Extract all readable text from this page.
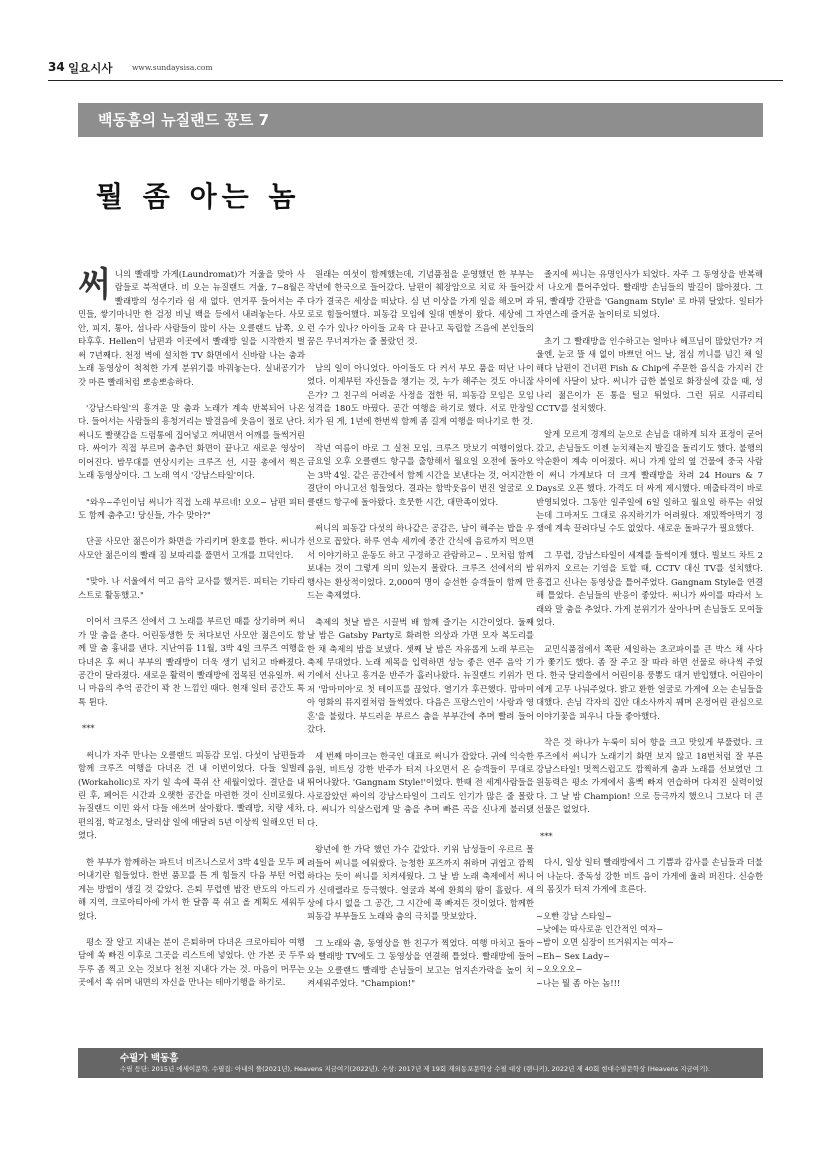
34 일요시사	www.sundaysisa.com
백동흠의 뉴질랜드 꽁트 7
뭘 좀 아는 놈

써니의 빨래방 가게(Laundromat)가 거울을 맞아 사람들로 북적댄다. 비 오는 뉴질랜드 겨울, 7~8월은 빨래방의 성수기라 쉼 새 없다. 연거푸 들어서는 주민들, 쌓기마니만 한 검정 비닐 백을 등에서 내려놓는다. 사모안, 피지, 통아, 섬나라 사람들이 많이 사는 오클랜드 남쪽, 오타후후. Hellen이 남편과 이곳에서 빨래방 일을 시작한지 벌써 7년째다. 천정 벽에 설치한 TV 화면에서 신바람 나는 춤과 노래 동영상이 척척한 가게 분위기를 바꿔놓는다. 실내공기가 갓 마른 빨래처럼 뽀송뽀송하다.

'강남스타일'의 흥겨운 말 춤과 노래가 계속 반복되어 나온다. 들어서는 사람들의 흥청거리는 발걸음에 웃음이 절로 난다. 써니도 빨랫감을 드럼통에 집어넣고 꺼내면서 어깨를 들썩거린다. 싸이가 직접 부르며 춤추던 화면이 끝나고 새로운 영상이 이어진다. 밤무대를 연상시키는 크루즈 선, 시끌 총에서 찍은 노래 동영상이다. 그 노래 역시 '강남스타일'이다.

"와우~주인이님 써니가 직접 노래 부르네! 오오~ 남편 피터도 함께 춤추고! 당신들, 가수 맞아?"

단골 사모안 젊은이가 화면을 가리키며 환호를 한다. 써니가 사모안 젊은이의 빨래 짐 보따리를 풀면서 고개를 끄덕인다.

"맞아. 나 서울에서 여고 음악 교사를 했거든. 피터는 기타리스트로 활동했고."

이어서 크루즈 선에서 그 노래를 부르던 때를 상기하며 써니가 말 춤을 춘다. 어린동생한 듯 쳐다보던 사모안 젊은이도 함께 말 춤 흉내를 낸다. 지난여름 11월, 3박 4일 크루즈 여행을 다녀온 후 써니 부부의 빨래방이 더욱 생기 넘치고 바빠졌다. 공간이 달라졌다. 새로운 활력이 빨래방에 접목된 연유일까. 써니 마음의 추억 공간이 꽉 찬 느낌인 때다. 현재 일터 공간도 톡톡 튄다.

***

써니가 자주 만나는 오클랜드 피동감 모임. 다섯이 남편들과 함께 크루즈 여행을 다녀온 건 내 이번이었다. 다들 일벌레(Workaholic)로 자기 일 속에 푹쉬 산 세월이었다. 결단을 내린 후, 페어든 시간과 오랫한 공간을 마련한 것이 신비로웠다. 뉴질랜드 이민 와서 다들 애쓰며 살아왔다. 빨래방, 치량 세차, 편의점, 학교청소, 달러샵 일에 매달려 5년 이상씩 일해오던 터였다.

한 부부가 함께하는 파트너 비즈니스로서 3박 4일을 모두 페어내기란 힘들었다. 한번 품꼬를 튼 게 힘들지 다음 부턴 어렵게는 방법이 생길 것 같았다. 은퇴 무렵엔 밤잔 반도의 아드리해 지역, 크로아티아에 가서 한 달쯤 푹 쉬고 올 계획도 세워두었다.

평소 잘 알고 지내는 분이 은퇴하며 다녀온 크로아티아 여행담에 쏙 빠진 이후로 그곳을 리스트에 넣었다. 안 가본 곳 두루두루 좀 찍고 오는 것보다 천천 지내다 가는 것. 마음이 머무는 곳에서 쏙 쉬며 내면의 자신을 만나는 테마기행을 하기로.

원래는 여섯이 함께했는데, 기념품점을 운영했던 한 부부는 작년에 한국으로 들어갔다. 남편이 췌장암으로 치료 차 들어갔다가 결국은 세상을 떠났다. 심 년 이상을 가게 일을 해오며 과로로 힘들어했다. 피동감 모임에 일대 멘붕이 왔다. 세상에 그런 수가 있나? 아이들 교육 다 끝나고 독립할 즈음에 본인들의 꿈은 무너져가는 줄 몰랐던 것.

남의 일이 아니었다. 아이들도 다 커서 부모 품을 떠난 나이였다. 이제부턴 자신들을 챙기는 것, 누가 해주는 것도 아니잖은가? 그 친구의 어려운 사정을 접한 뒤, 피동감 모임은 모임 성격을 180도 바꿨다. 공간 여행을 하기로 했다. 서로 만장일치가 된 게, 1년에 한번씩 함께 좀 길게 여행을 떠나기로 한 것.

작년 여름이 바로 그 실천 모임, 크루즈 맛보기 여행이었다. 금요일 오후 오클랜드 항구를 출항해서 월요일 오전에 돌아오는 3박 4일. 같은 공간에서 함께 시간을 보낸다는 것, 어지간한 결단이 아니고선 힘들었다. 결과는 함박웃음이 번진 얼굴로 오클랜드 항구에 돌아왔다. 흐뭇한 시간, 대만족이었다.

써니의 피동감 다섯의 하나같은 공감은, 남이 해주는 밥을 우선으로 꼽았다. 하루 연속 세끼에 중간 간식에 음료까지 먹으면서 이야기하고 운동도 하고 구경하고 관람하고~ . 모처럼 함께 보내는 것이 그렇게 의미 있는지 몰랐다. 크루즈 선에서의 밤 행사는 환상적이었다. 2,000여 명이 승선한 승객들이 함께 만드는 축제였다.

축제의 첫날 밤은 시끌벅 배 함께 즐기는 시간이었다. 둘째 날 밤은 Gatsby Party로 화려한 의상과 가면 모자 복도리를 한 채 축제의 밤을 보냈다. 셋째 날 밤은 자유롭게 노래 부르는 축제 무대였다. 노래 제목을 입력하면 성능 좋은 연주 음악 기기에서 신나고 흥겨운 반주가 흘러나왔다. 뉴질랜드 키위가 먼저 '맘마미아'로 첫 테이프를 끊었다. 열기가 후끈했다. 맘마미아 영화의 뮤지컬처럼 들썩였다. 다음은 프랑스인이 '사랑과 영혼'을 불렀다. 부드러운 부르스 춤을 부부간에 추며 빨려 들어갔다.

세 번째 마이크는 한국인 대표로 써니가 잡았다. 귀에 익숙한 음원, 비트성 강한 반주가 터져 나오면서 온 승객들이 무대로 뛰어나왔다. 'Gangnam Style!'이었다. 한때 전 세계사람들을 사로잡았던 싸이의 강남스타일이 그리도 인기가 많은 줄 몰랐다. 써니가 익살스럽게 말 춤을 추며 빠른 곡을 신나게 불러댔다.

왕년에 한 가닥 했던 가수 같았다. 키위 남성들이 우르르 몰려들어 써니를 에워쌌다. 능청한 포즈까지 취하며 귀엽고 깜찍하다는 듯이 써니를 치켜세웠다. 그 날 밤 노래 축제에서 써니가 신데렐라로 등극했다. 얼굴과 복에 환희의 땀이 흘렀다. 세상에 다시 없을 그 공간, 그 시간에 푹 빠져든 것이었다. 함께한 피동감 부부들도 노래와 춤의 극치를 맛보았다.

그 노래와 춤, 동영상을 한 친구가 찍었다. 여행 마치고 돌아와 빨래방 TV에도 그 동영상을 연결해 틀었다. 빨래방에 들어오는 오클랜드 빨래방 손님들이 보고는 엄지손가락을 높이 치켜세워주었다. "Champion!"

졸지에 써니는 유명인사가 되었다. 자주 그 동영상을 반복해서 나오게 틀어주었다. 빨래방 손님들의 발길이 많아졌다. 그 뒤, 빨래방 간판을 'Gangnam Style' 로 바꿔 달았다. 일터가 자연스레 즐거운 놀이터로 되었다.

초기 그 빨래방을 인수하고는 얼마나 헤프님이 많았던가? 겨울엔, 눈코 뜰 새 없이 바쁘던 어느 날, 점심 끼니를 넘긴 채 일해다 남편이 건너편 Fish & Chip에 주문한 음식을 가지러 간 사이에 사달이 났다. 써니가 급한 볼일로 화장실에 갔을 때, 성나리 젊은이가 돈 통을 털고 튀었다. 그런 뒤로 시큐리티 CCTV를 설치했다.

알게 모르게 경계의 눈으로 손님을 대하게 되자 표정이 굳어갔고, 손님들도 이젠 눈치채는지 발길을 돌리기도 했다. 불행의 악순환이 계속 이어졌다. 써니 가게 앞의 옆 건물에 중국 사람이 써니 가게보다 더 크게 빨래방을 차려 24 Hours & 7 Days로 오픈 했다. 가격도 더 싸게 제시했다. 매출타격이 바로 반영되었다. 그동안 일주일에 6일 일하고 월요일 하루는 쉬었는데 그마저도 그대로 유지하기가 어려웠다. 재밌짝아먹기 경쟁에 계속 끌려다닐 수도 없었다. 새로운 돌파구가 필요했다.

그 무렵, 강남스타일이 세계를 들썩이게 했다. 빌보드 차트 2위까지 오르는 기염을 토할 때, CCTV 대신 TV를 설치했다. 흥겹고 신나는 동영상을 틀어주었다. Gangnam Style을 연결해 틀었다. 손님들의 반응이 좋았다. 써니가 싸이를 따라서 노래와 말 춤을 추었다. 가게 분위기가 살아나며 손님들도 모여들었다.

교민식품점에서 쪽판 세일하는 초코파이를 큰 박스 채 사다가 쫓기도 했다. 좀 잘 주고 잘 따라 하면 선물로 하나씩 주었다. 한국 달리쓸에서 어린이용 풍뽕도 대거 반입했다. 어린아이에게 고무 나눠주었다. 밝고 환한 얼굴로 가게에 오는 손님들을 대했다. 손님 각자의 집안 대소사까지 꿰며 온정어린 관심으로 이야기꽃을 피우니 다들 좋아했다.

작은 것 하나가 누룩이 되어 향을 크고 맛있게 부풀렸다. 크루즈에서 써니가 노래기기 화면 보지 않고 18번처럼 잘 부른 강남스타일! 멋쩍스럽고도 깜찍하게 춤과 노래를 선보였던 그 원동력은 평소 가게에서 흠뻑 빠져 연습하며 다져진 실력이었다. 그 날 밤 Champion! 으로 등극까지 했으니 그보다 더 큰 선물은 없었다.

***

다시, 일상 일터 빨래방에서 그 기쁨과 감사를 손님들과 더불어 나눈다. 중독성 강한 비트 음이 가게에 울려 퍼진다. 신승한의 몸짓가 터져 가게에 흐른다.

~오빤 강남 스타일~

~낮에는 따사로운 인간적인 여자~

~밤이 오면 심장이 뜨거워지는 여자~

~Eh~ Sex Lady~

~오오오오~

~나는 뭘 좀 아는 놈!!!

수필가 백동흠
수필 등단: 2015년 에세이문학. 수필집: 아내의 뜰(2021년), Heavens 지금여기(2022년). 수상: 2017년 제 19회 재외동포문학상 수필 대상 (랜니키), 2022년 제 40회 현대수필문학상 (Heavens 지금여기).
